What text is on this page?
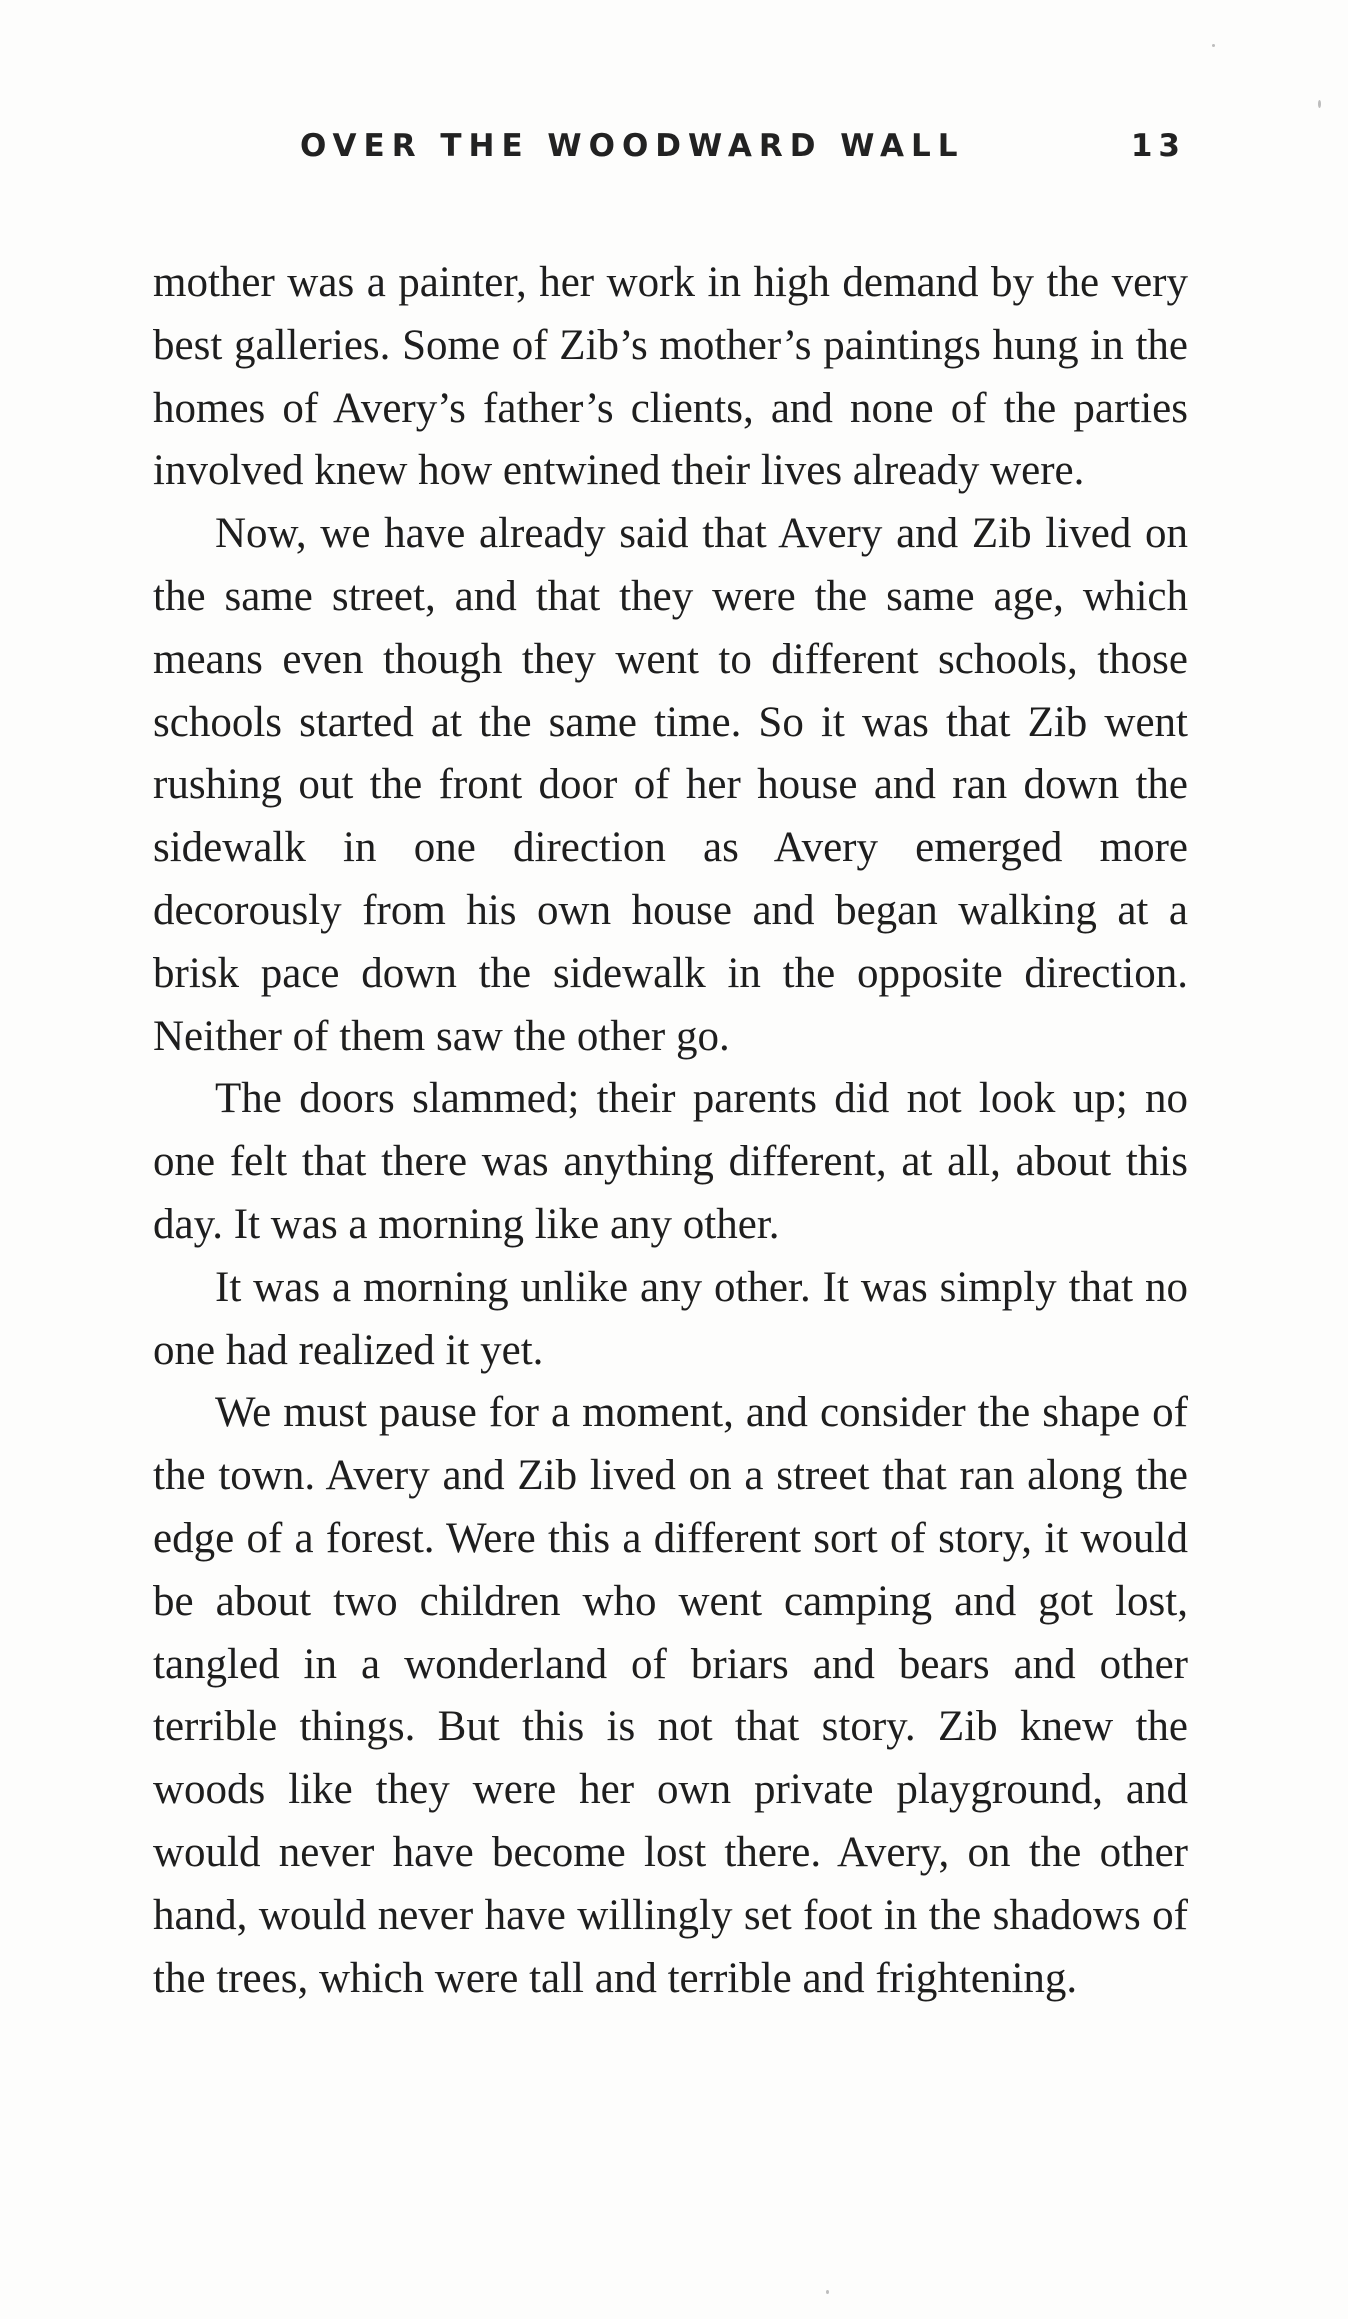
OVER THE WOODWARD WALL	13

mother was a painter, her work in high demand by the very best galleries. Some of Zib’s mother’s paintings hung in the homes of Avery’s father’s clients, and none of the parties involved knew how entwined their lives already were.

Now, we have already said that Avery and Zib lived on the same street, and that they were the same age, which means even though they went to different schools, those schools started at the same time. So it was that Zib went rushing out the front door of her house and ran down the sidewalk in one direction as Avery emerged more decorously from his own house and began walking at a brisk pace down the sidewalk in the opposite direction. Neither of them saw the other go.

The doors slammed; their parents did not look up; no one felt that there was anything different, at all, about this day. It was a morning like any other.

It was a morning unlike any other. It was simply that no one had realized it yet.

We must pause for a moment, and consider the shape of the town. Avery and Zib lived on a street that ran along the edge of a forest. Were this a different sort of story, it would be about two children who went camping and got lost, tangled in a wonderland of briars and bears and other terrible things. But this is not that story. Zib knew the woods like they were her own private playground, and would never have become lost there. Avery, on the other hand, would never have willingly set foot in the shadows of the trees, which were tall and terrible and frightening.
